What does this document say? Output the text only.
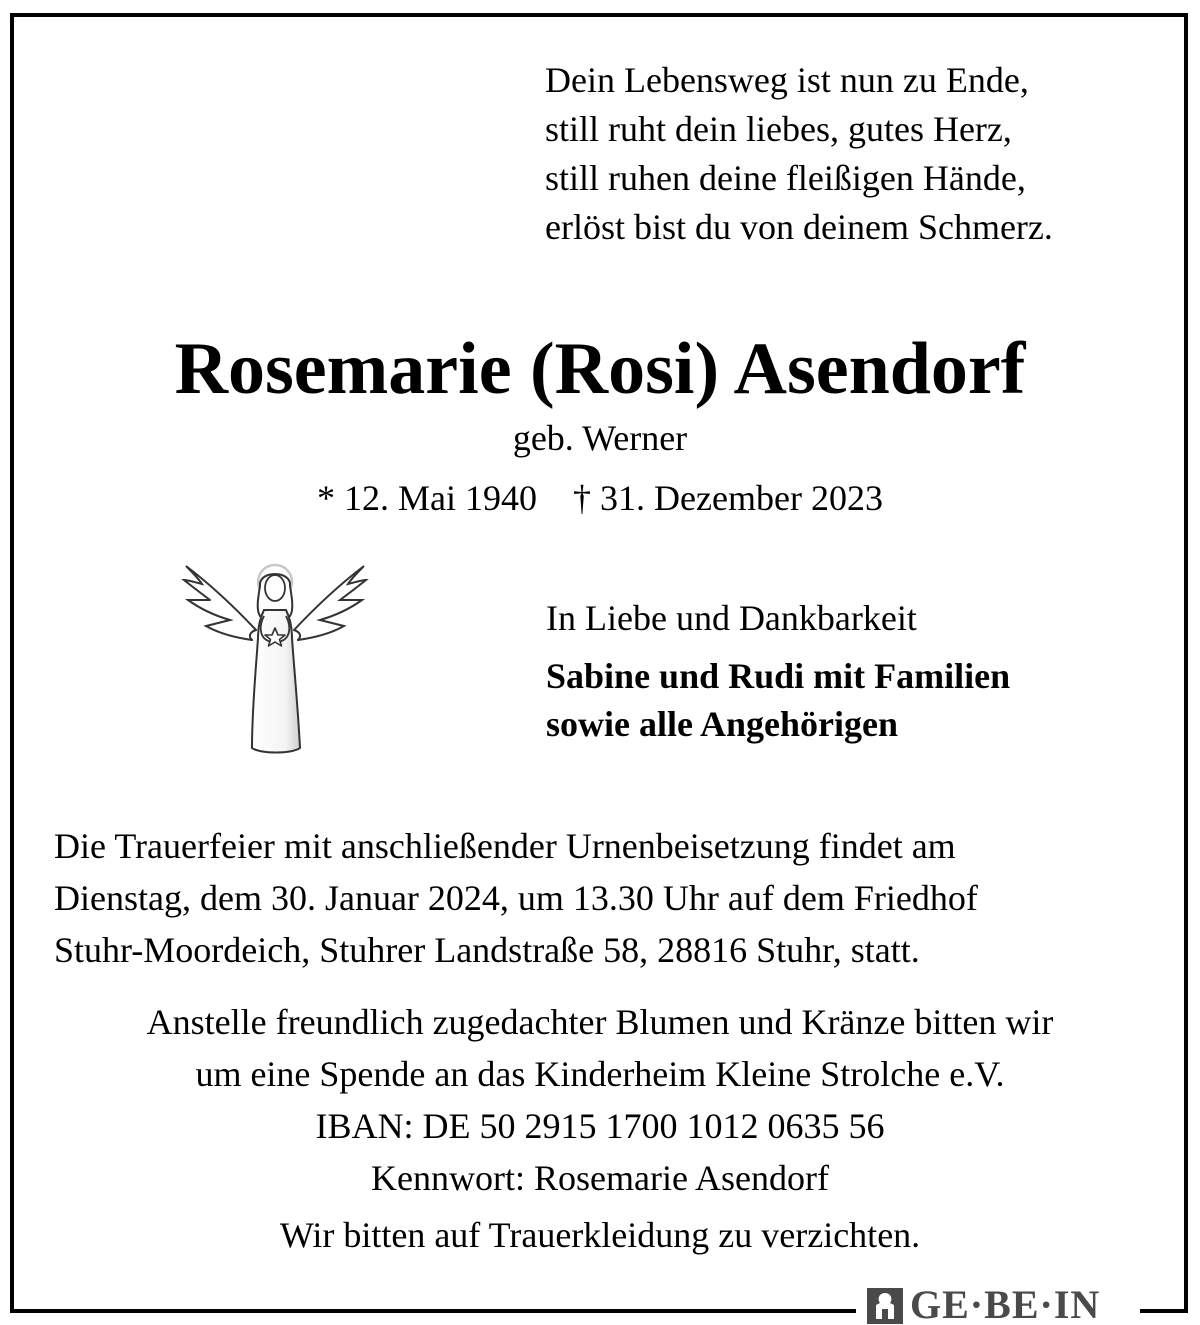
Dein Lebensweg ist nun zu Ende,
still ruht dein liebes, gutes Herz,
still ruhen deine fleißigen Hände,
erlöst bist du von deinem Schmerz.
Rosemarie (Rosi) Asendorf
geb. Werner
* 12. Mai 1940 † 31. Dezember 2023
In Liebe und Dankbarkeit
Sabine und Rudi mit Familien
sowie alle Angehörigen
Die Trauerfeier mit anschließender Urnenbeisetzung findet am
Dienstag, dem 30. Januar 2024, um 13.30 Uhr auf dem Friedhof
Stuhr-Moordeich, Stuhrer Landstraße 58, 28816 Stuhr, statt.
Anstelle freundlich zugedachter Blumen und Kränze bitten wir
um eine Spende an das Kinderheim Kleine Strolche e.V.
IBAN: DE 50 2915 1700 1012 0635 56
Kennwort: Rosemarie Asendorf
Wir bitten auf Trauerkleidung zu verzichten.
GE·BE·IN
